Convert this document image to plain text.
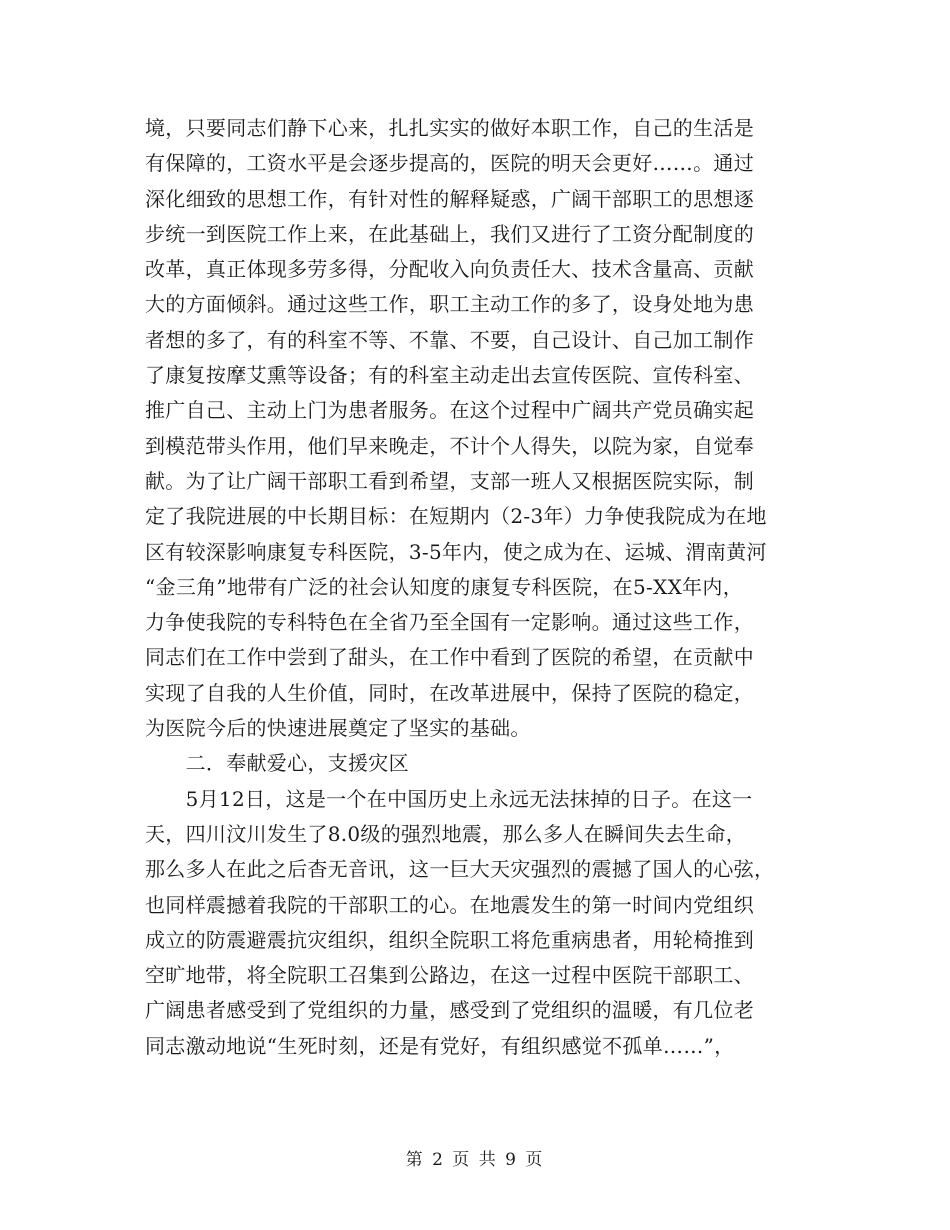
境，只要同志们静下心来，扎扎实实的做好本职工作，自己的生活是
有保障的，工资水平是会逐步提高的，医院的明天会更好……。通过
深化细致的思想工作，有针对性的解释疑惑，广阔干部职工的思想逐
步统一到医院工作上来，在此基础上，我们又进行了工资分配制度的
改革，真正体现多劳多得，分配收入向负责任大、技术含量高、贡献
大的方面倾斜。通过这些工作，职工主动工作的多了，设身处地为患
者想的多了，有的科室不等、不靠、不要，自己设计、自己加工制作
了康复按摩艾熏等设备；有的科室主动走出去宣传医院、宣传科室、
推广自己、主动上门为患者服务。在这个过程中广阔共产党员确实起
到模范带头作用，他们早来晚走，不计个人得失，以院为家，自觉奉
献。为了让广阔干部职工看到希望，支部一班人又根据医院实际，制
定了我院进展的中长期目标：在短期内（2-3年）力争使我院成为在地
区有较深影响康复专科医院，3-5年内，使之成为在、运城、渭南黄河
“金三角”地带有广泛的社会认知度的康复专科医院，在5-XX年内，
力争使我院的专科特色在全省乃至全国有一定影响。通过这些工作，
同志们在工作中尝到了甜头，在工作中看到了医院的希望，在贡献中
实现了自我的人生价值，同时，在改革进展中，保持了医院的稳定，
为医院今后的快速进展奠定了坚实的基础。
　　二．奉献爱心，支援灾区
　　5月12日，这是一个在中国历史上永远无法抹掉的日子。在这一
天，四川汶川发生了8.0级的强烈地震，那么多人在瞬间失去生命，
那么多人在此之后杳无音讯，这一巨大天灾强烈的震撼了国人的心弦，
也同样震撼着我院的干部职工的心。在地震发生的第一时间内党组织
成立的防震避震抗灾组织，组织全院职工将危重病患者，用轮椅推到
空旷地带，将全院职工召集到公路边，在这一过程中医院干部职工、
广阔患者感受到了党组织的力量，感受到了党组织的温暖，有几位老
同志激动地说“生死时刻，还是有党好，有组织感觉不孤单……”，
第 2 页 共 9 页
